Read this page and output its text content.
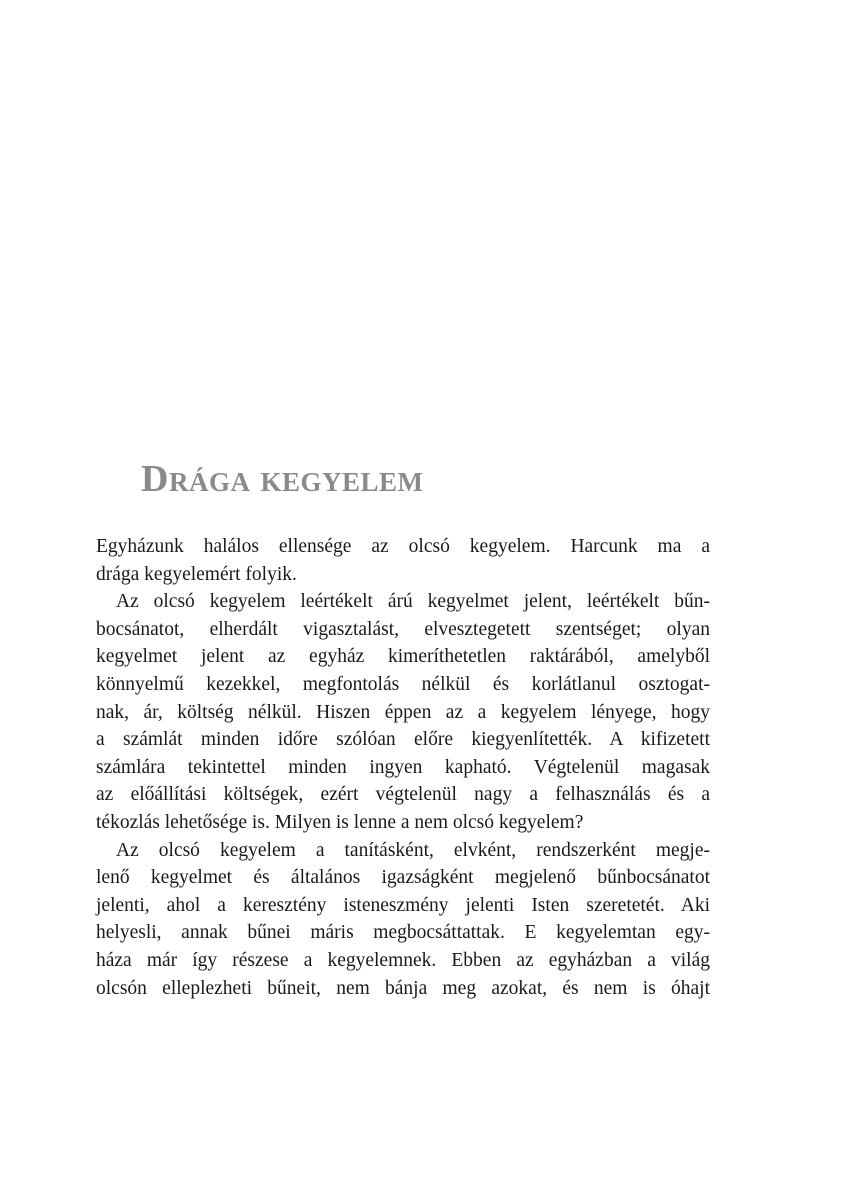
Drága kegyelem
Egyházunk halálos ellensége az olcsó kegyelem. Harcunk ma a
drága kegyelemért folyik.
Az olcsó kegyelem leértékelt árú kegyelmet jelent, leértékelt bűn-
bocsánatot, elherdált vigasztalást, elvesztegetett szentséget; olyan
kegyelmet jelent az egyház kimeríthetetlen raktárából, amelyből
könnyelmű kezekkel, megfontolás nélkül és korlátlanul osztogat-
nak, ár, költség nélkül. Hiszen éppen az a kegyelem lényege, hogy
a számlát minden időre szólóan előre kiegyenlítették. A kifizetett
számlára tekintettel minden ingyen kapható. Végtelenül magasak
az előállítási költségek, ezért végtelenül nagy a felhasználás és a
tékozlás lehetősége is. Milyen is lenne a nem olcsó kegyelem?
Az olcsó kegyelem a tanításként, elvként, rendszerként megje-
lenő kegyelmet és általános igazságként megjelenő bűnbocsánatot
jelenti, ahol a keresztény isteneszmény jelenti Isten szeretetét. Aki
helyesli, annak bűnei máris megbocsáttattak. E kegyelemtan egy-
háza már így részese a kegyelemnek. Ebben az egyházban a világ
olcsón elleplezheti bűneit, nem bánja meg azokat, és nem is óhajt
